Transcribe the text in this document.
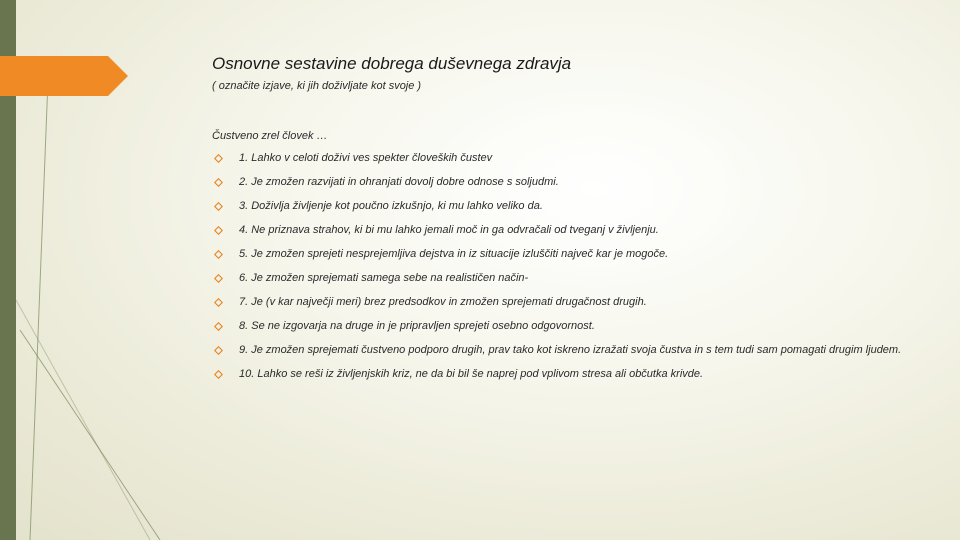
Osnovne sestavine dobrega duševnega zdravja
( označite izjave, ki jih doživljate kot svoje )
Čustveno zrel človek …
1. Lahko v celoti doživi ves spekter človeških čustev
2. Je zmožen razvijati in ohranjati dovolj dobre odnose s soljudmi.
3. Doživlja življenje kot poučno izkušnjo, ki mu lahko veliko da.
4. Ne priznava strahov, ki bi mu lahko jemali moč in ga odvračali od tveganj v življenju.
5. Je zmožen sprejeti nesprejemljiva dejstva in iz situacije izluščiti največ kar je mogoče.
6. Je zmožen sprejemati samega sebe na realističen način-
7. Je (v kar največji meri) brez predsodkov in zmožen sprejemati drugačnost drugih.
8. Se ne izgovarja na druge in je pripravljen sprejeti osebno odgovornost.
9. Je zmožen sprejemati čustveno podporo drugih, prav tako kot iskreno izražati svoja čustva in s tem tudi sam pomagati drugim ljudem.
10. Lahko se reši iz življenjskih kriz, ne da bi bil še naprej pod vplivom stresa ali občutka krivde.
